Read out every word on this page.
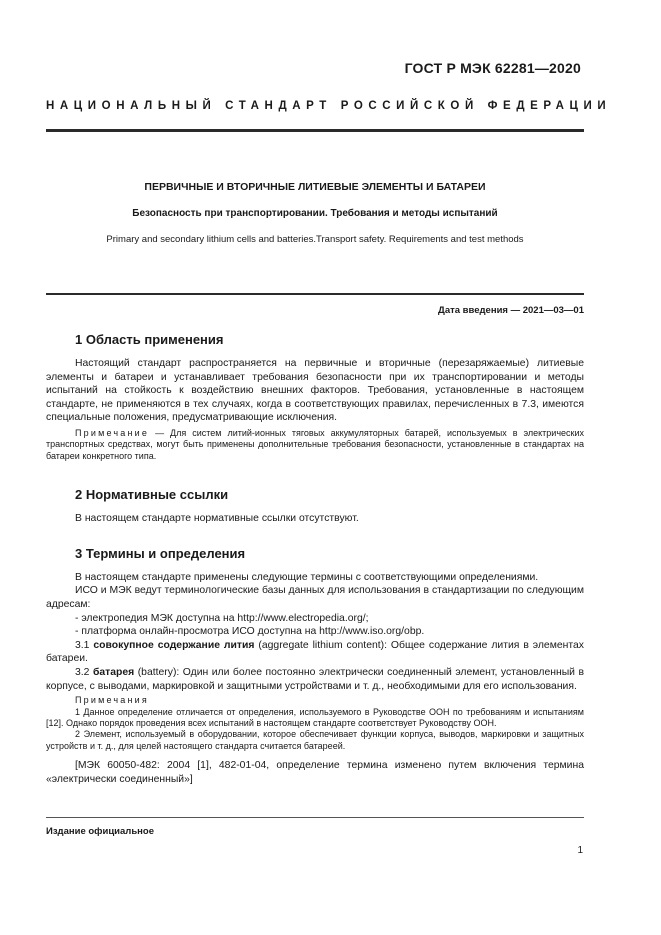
ГОСТ Р МЭК 62281—2020
НАЦИОНАЛЬНЫЙ СТАНДАРТ РОССИЙСКОЙ ФЕДЕРАЦИИ
ПЕРВИЧНЫЕ И ВТОРИЧНЫЕ ЛИТИЕВЫЕ ЭЛЕМЕНТЫ И БАТАРЕИ
Безопасность при транспортировании. Требования и методы испытаний
Primary and secondary lithium cells and batteries.Transport safety. Requirements and test methods
Дата введения — 2021—03—01
1 Область применения

Настоящий стандарт распространяется на первичные и вторичные (перезаряжаемые) литиевые элементы и батареи и устанавливает требования безопасности при их транспортировании и методы испытаний на стойкость к воздействию внешних факторов. Требования, установленные в настоящем стандарте, не применяются в тех случаях, когда в соответствующих правилах, перечисленных в 7.3, имеются специальные положения, предусматривающие исключения.

Примечание — Для систем литий-ионных тяговых аккумуляторных батарей, используемых в электрических транспортных средствах, могут быть применены дополнительные требования безопасности, установленные в стандартах на батареи конкретного типа.

2 Нормативные ссылки

В настоящем стандарте нормативные ссылки отсутствуют.

3 Термины и определения

В настоящем стандарте применены следующие термины с соответствующими определениями.

ИСО и МЭК ведут терминологические базы данных для использования в стандартизации по следующим адресам:

- электропедия МЭК доступна на http://www.electropedia.org/;

- платформа онлайн-просмотра ИСО доступна на http://www.iso.org/obp.

3.1 совокупное содержание лития (aggregate lithium content): Общее содержание лития в элементах батареи.

3.2 батарея (battery): Один или более постоянно электрически соединенный элемент, установленный в корпусе, с выводами, маркировкой и защитными устройствами и т. д., необходимыми для его использования.

Примечания

1 Данное определение отличается от определения, используемого в Руководстве ООН по требованиям и испытаниям [12]. Однако порядок проведения всех испытаний в настоящем стандарте соответствует Руководству ООН.

2 Элемент, используемый в оборудовании, которое обеспечивает функции корпуса, выводов, маркировки и защитных устройств и т. д., для целей настоящего стандарта считается батареей.

[МЭК 60050-482: 2004 [1], 482-01-04, определение термина изменено путем включения термина «электрически соединенный»]

Издание официальное
1
